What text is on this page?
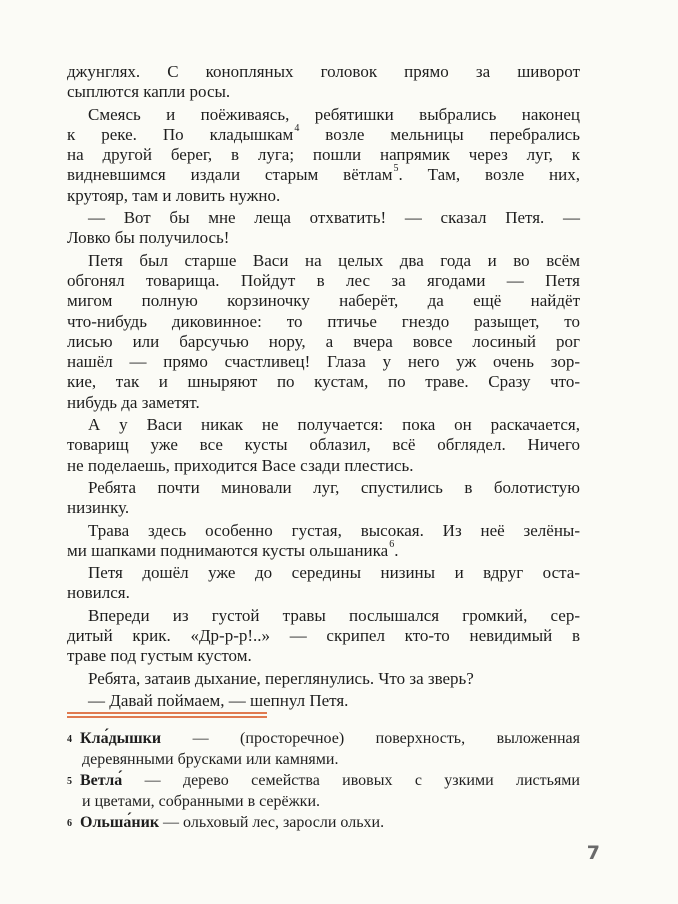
джунглях. С конопляных головок прямо за шиворот
сыплются капли росы.
Смеясь и поёживаясь, ребятишки выбрались наконец
к реке. По кладышкам$^4$ возле мельницы перебрались
на другой берег, в луга; пошли напрямик через луг, к
видневшимся издали старым вётлам$^5$. Там, возле них,
крутояр, там и ловить нужно.
— Вот бы мне леща отхватить! — сказал Петя. —
Ловко бы получилось!
Петя был старше Васи на целых два года и во всём
обгонял товарища. Пойдут в лес за ягодами — Петя
мигом полную корзиночку наберёт, да ещё найдёт
что-нибудь диковинное: то птичье гнездо разыщет, то
лисью или барсучью нору, а вчера вовсе лосиный рог
нашёл — прямо счастливец! Глаза у него уж очень зор-
кие, так и шныряют по кустам, по траве. Сразу что-
нибудь да заметят.
А у Васи никак не получается: пока он раскачается,
товарищ уже все кусты облазил, всё обглядел. Ничего
не поделаешь, приходится Васе сзади плестись.
Ребята почти миновали луг, спустились в болотистую
низинку.
Трава здесь особенно густая, высокая. Из неё зелёны-
ми шапками поднимаются кусты ольшаника$^6$.
Петя дошёл уже до середины низины и вдруг оста-
новился.
Впереди из густой травы послышался громкий, сер-
дитый крик. «Др-р-р!..» — скрипел кто-то невидимый в
траве под густым кустом.
Ребята, затаив дыхание, переглянулись. Что за зверь?
— Давай поймаем, — шепнул Петя.
$^4$ Кла́дышки — (просторечное) поверхность, выложенная
деревянными брусками или камнями.
$^5$ Ветла́ — дерево семейства ивовых с узкими листьями
и цветами, собранными в серёжки.
$^6$ Ольша́ник — ольховый лес, заросли ольхи.
7
